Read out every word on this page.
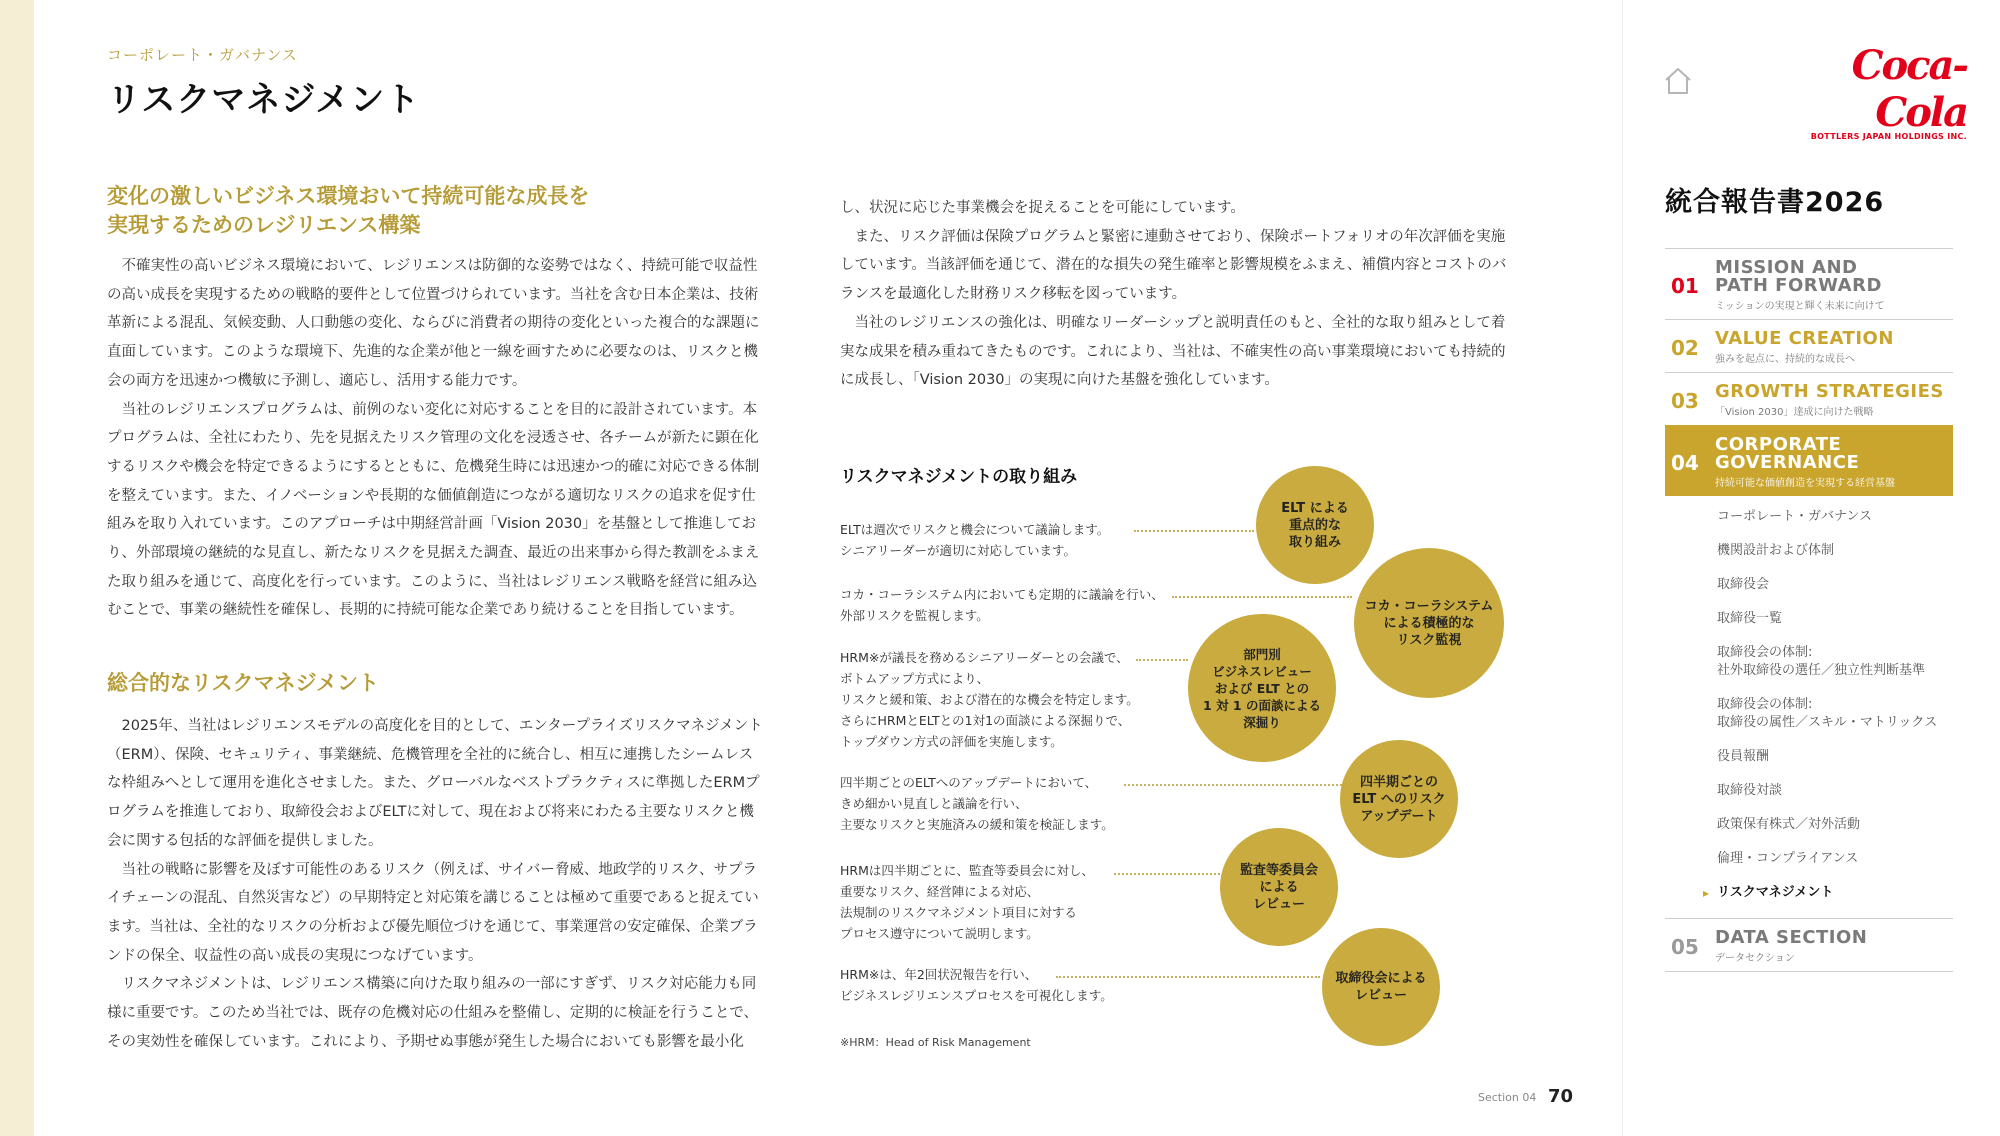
コーポレート・ガバナンス
リスクマネジメント
変化の激しいビジネス環境おいて持続可能な成長を
実現するためのレジリエンス構築

不確実性の高いビジネス環境において、レジリエンスは防御的な姿勢ではなく、持続可能で収益性の高い成長を実現するための戦略的要件として位置づけられています。当社を含む日本企業は、技術革新による混乱、気候変動、人口動態の変化、ならびに消費者の期待の変化といった複合的な課題に直面しています。このような環境下、先進的な企業が他と一線を画すために必要なのは、リスクと機会の両方を迅速かつ機敏に予測し、適応し、活用する能力です。

当社のレジリエンスプログラムは、前例のない変化に対応することを目的に設計されています。本プログラムは、全社にわたり、先を見据えたリスク管理の文化を浸透させ、各チームが新たに顕在化するリスクや機会を特定できるようにするとともに、危機発生時には迅速かつ的確に対応できる体制を整えています。また、イノベーションや長期的な価値創造につながる適切なリスクの追求を促す仕組みを取り入れています。このアプローチは中期経営計画「Vision 2030」を基盤として推進しており、外部環境の継続的な見直し、新たなリスクを見据えた調査、最近の出来事から得た教訓をふまえた取り組みを通じて、高度化を行っています。このように、当社はレジリエンス戦略を経営に組み込むことで、事業の継続性を確保し、長期的に持続可能な企業であり続けることを目指しています。

総合的なリスクマネジメント

2025年、当社はレジリエンスモデルの高度化を目的として、エンタープライズリスクマネジメント（ERM）、保険、セキュリティ、事業継続、危機管理を全社的に統合し、相互に連携したシームレスな枠組みへとして運用を進化させました。また、グローバルなベストプラクティスに準拠したERMプログラムを推進しており、取締役会およびELTに対して、現在および将来にわたる主要なリスクと機会に関する包括的な評価を提供しました。

当社の戦略に影響を及ぼす可能性のあるリスク（例えば、サイバー脅威、地政学的リスク、サプライチェーンの混乱、自然災害など）の早期特定と対応策を講じることは極めて重要であると捉えています。当社は、全社的なリスクの分析および優先順位づけを通じて、事業運営の安定確保、企業ブランドの保全、収益性の高い成長の実現につなげています。

リスクマネジメントは、レジリエンス構築に向けた取り組みの一部にすぎず、リスク対応能力も同様に重要です。このため当社では、既存の危機対応の仕組みを整備し、定期的に検証を行うことで、その実効性を確保しています。これにより、予期せぬ事態が発生した場合においても影響を最小化

し、状況に応じた事業機会を捉えることを可能にしています。

また、リスク評価は保険プログラムと緊密に連動させており、保険ポートフォリオの年次評価を実施しています。当該評価を通じて、潜在的な損失の発生確率と影響規模をふまえ、補償内容とコストのバランスを最適化した財務リスク移転を図っています。

当社のレジリエンスの強化は、明確なリーダーシップと説明責任のもと、全社的な取り組みとして着実な成果を積み重ねてきたものです。これにより、当社は、不確実性の高い事業環境においても持続的に成長し、「Vision 2030」の実現に向けた基盤を強化しています。

リスクマネジメントの取り組み
ELTは週次でリスクと機会について議論します。
シニアリーダーが適切に対応しています。
ELT による
重点的な
取り組み
コカ・コーラシステム内においても定期的に議論を行い、
外部リスクを監視します。
コカ・コーラシステム
による積極的な
リスク監視
HRM※が議長を務めるシニアリーダーとの会議で、
ボトムアップ方式により、
リスクと緩和策、および潜在的な機会を特定します。
さらにHRMとELTとの1対1の面談による深掘りで、
トップダウン方式の評価を実施します。
部門別
ビジネスレビュー
および ELT との
1 対 1 の面談による
深掘り
四半期ごとのELTへのアップデートにおいて、
きめ細かい見直しと議論を行い、
主要なリスクと実施済みの緩和策を検証します。
四半期ごとの
ELT へのリスク
アップデート
HRMは四半期ごとに、監査等委員会に対し、
重要なリスク、経営陣による対応、
法規制のリスクマネジメント項目に対する
プロセス遵守について説明します。
監査等委員会
による
レビュー
HRM※は、年2回状況報告を行い、
ビジネスレジリエンスプロセスを可視化します。
取締役会による
レビュー
※HRM：Head of Risk Management
Section 04 70
Coca-Cola
BOTTLERS JAPAN HOLDINGS INC.
統合報告書2026
01
MISSION AND
PATH FORWARD
ミッションの実現と輝く未来に向けて
02 VALUE CREATION
強みを起点に、持続的な成長へ
03 GROWTH STRATEGIES
「Vision 2030」達成に向けた戦略
04
CORPORATE
GOVERNANCE
持続可能な価値創造を実現する経営基盤
コーポレート・ガバナンス
機関設計および体制
取締役会
取締役一覧
取締役会の体制:
社外取締役の選任／独立性判断基準
取締役会の体制:
取締役の属性／スキル・マトリックス
役員報酬
取締役対談
政策保有株式／対外活動
倫理・コンプライアンス
▸ リスクマネジメント
05 DATA SECTION
データセクション
